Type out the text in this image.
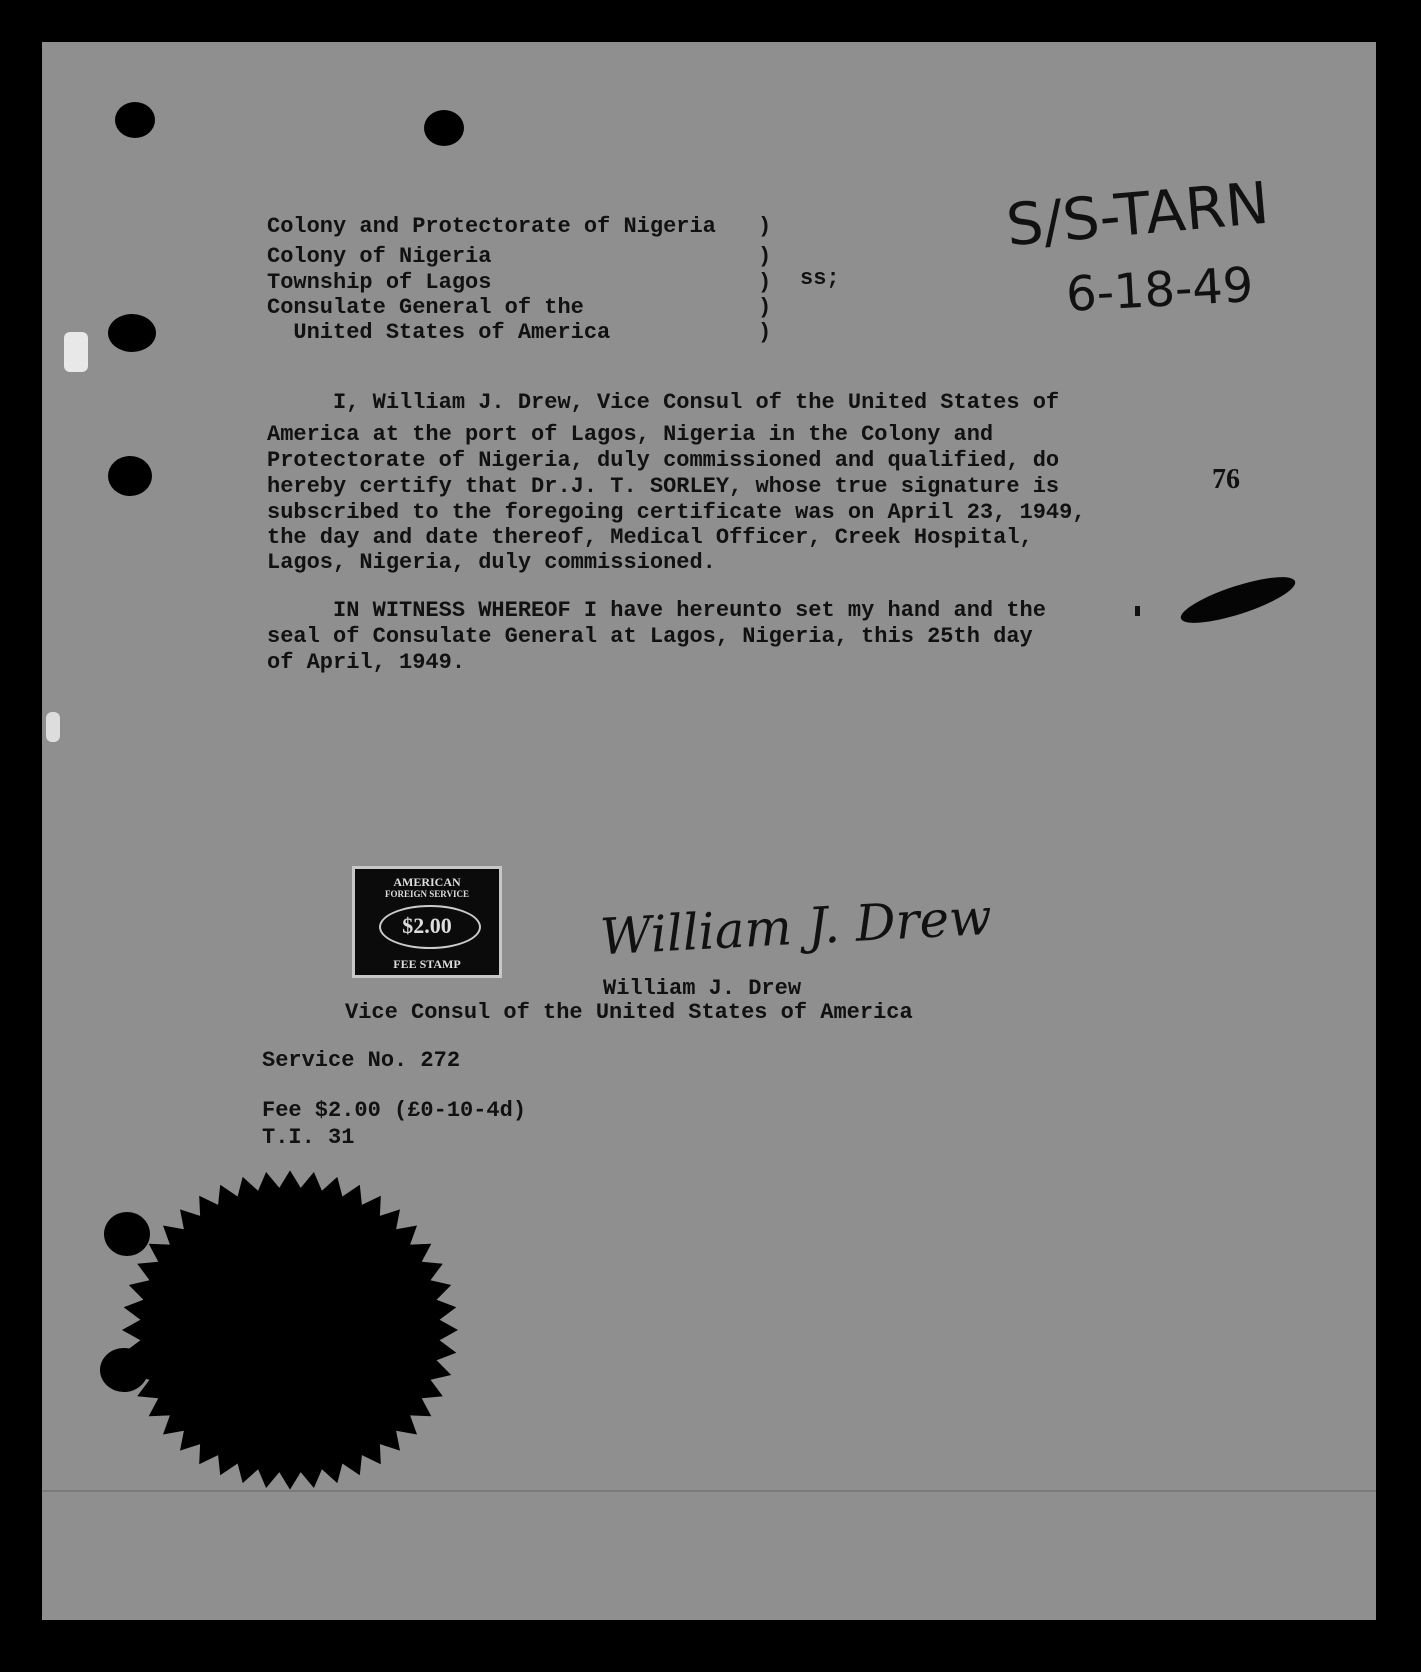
Colony and Protectorate of Nigeria
Colony of Nigeria
Township of Lagos
Consulate General of the
United States of America
)
)
)
)
)
ss;
S/S-TARN
6-18-49
76
I, William J. Drew, Vice Consul of the United States of
America at the port of Lagos, Nigeria in the Colony and
Protectorate of Nigeria, duly commissioned and qualified, do
hereby certify that Dr.J. T. SORLEY, whose true signature is
subscribed to the foregoing certificate was on April 23, 1949,
the day and date thereof, Medical Officer, Creek Hospital,
Lagos, Nigeria, duly commissioned.
IN WITNESS WHEREOF I have hereunto set my hand and the
seal of Consulate General at Lagos, Nigeria, this 25th day
of April, 1949.
AMERICAN
FOREIGN SERVICE
$2.00
FEE STAMP	William J. Drew
William J. Drew
Vice Consul of the United States of America
Service No. 272
Fee $2.00 (£0-10-4d)
T.I. 31
